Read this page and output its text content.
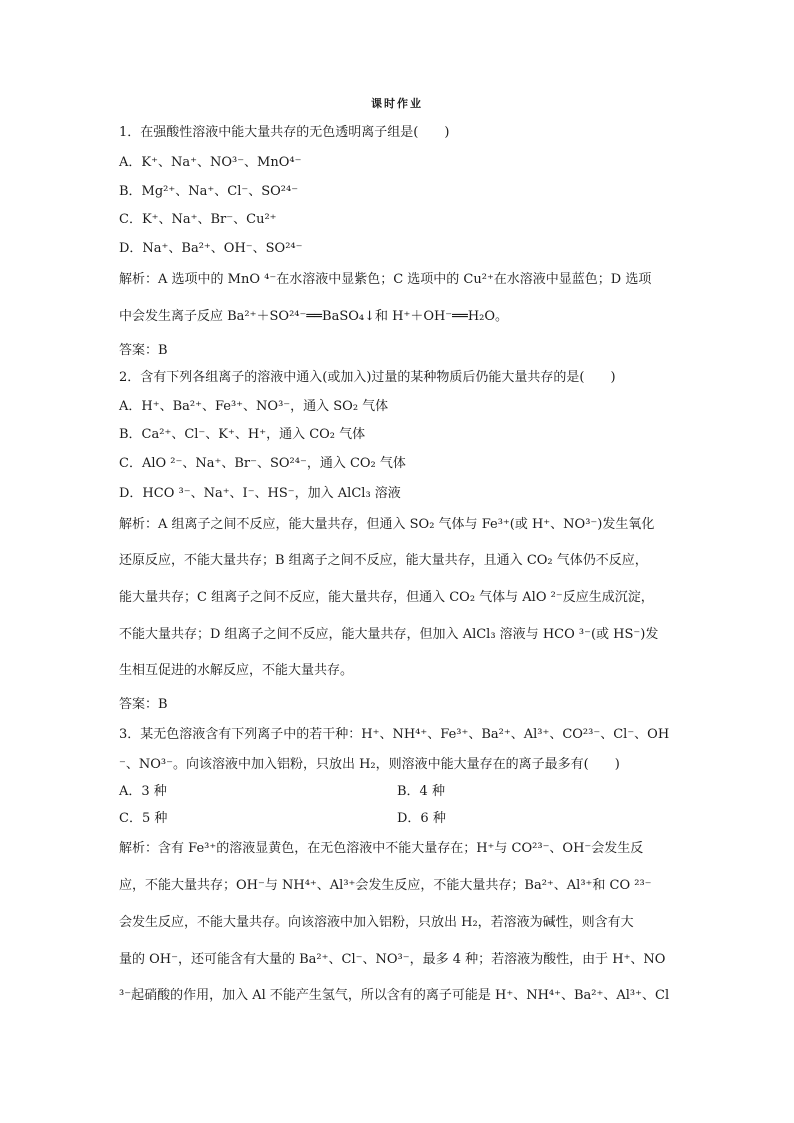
课时作业
1．在强酸性溶液中能大量共存的无色透明离子组是(　　)
A．K⁺、Na⁺、NO³⁻、MnO⁴⁻
B．Mg²⁺、Na⁺、Cl⁻、SO²⁴⁻
C．K⁺、Na⁺、Br⁻、Cu²⁺
D．Na⁺、Ba²⁺、OH⁻、SO²⁴⁻
解析：A 选项中的 MnO ⁴⁻在水溶液中显紫色；C 选项中的 Cu²⁺在水溶液中显蓝色；D 选项
中会发生离子反应 Ba²⁺＋SO²⁴⁻══BaSO₄↓和 H⁺＋OH⁻══H₂O。
答案：B
2．含有下列各组离子的溶液中通入(或加入)过量的某种物质后仍能大量共存的是(　　)
A．H⁺、Ba²⁺、Fe³⁺、NO³⁻，通入 SO₂ 气体
B．Ca²⁺、Cl⁻、K⁺、H⁺，通入 CO₂ 气体
C．AlO ²⁻、Na⁺、Br⁻、SO²⁴⁻，通入 CO₂ 气体
D．HCO ³⁻、Na⁺、I⁻、HS⁻，加入 AlCl₃ 溶液
解析：A 组离子之间不反应，能大量共存，但通入 SO₂ 气体与 Fe³⁺(或 H⁺、NO³⁻)发生氧化
还原反应，不能大量共存；B 组离子之间不反应，能大量共存，且通入 CO₂ 气体仍不反应，
能大量共存；C 组离子之间不反应，能大量共存，但通入 CO₂ 气体与 AlO ²⁻反应生成沉淀，
不能大量共存；D 组离子之间不反应，能大量共存，但加入 AlCl₃ 溶液与 HCO ³⁻(或 HS⁻)发
生相互促进的水解反应，不能大量共存。
答案：B
3．某无色溶液含有下列离子中的若干种：H⁺、NH⁴⁺、Fe³⁺、Ba²⁺、Al³⁺、CO²³⁻、Cl⁻、OH
⁻、NO³⁻。向该溶液中加入铝粉，只放出 H₂，则溶液中能大量存在的离子最多有(　　)
A．3 种	B．4 种
C．5 种	D．6 种
解析：含有 Fe³⁺的溶液显黄色，在无色溶液中不能大量存在；H⁺与 CO²³⁻、OH⁻会发生反
应，不能大量共存；OH⁻与 NH⁴⁺、Al³⁺会发生反应，不能大量共存；Ba²⁺、Al³⁺和 CO ²³⁻
会发生反应，不能大量共存。向该溶液中加入铝粉，只放出 H₂，若溶液为碱性，则含有大
量的 OH⁻，还可能含有大量的 Ba²⁺、Cl⁻、NO³⁻，最多 4 种；若溶液为酸性，由于 H⁺、NO
³⁻起硝酸的作用，加入 Al 不能产生氢气，所以含有的离子可能是 H⁺、NH⁴⁺、Ba²⁺、Al³⁺、Cl
